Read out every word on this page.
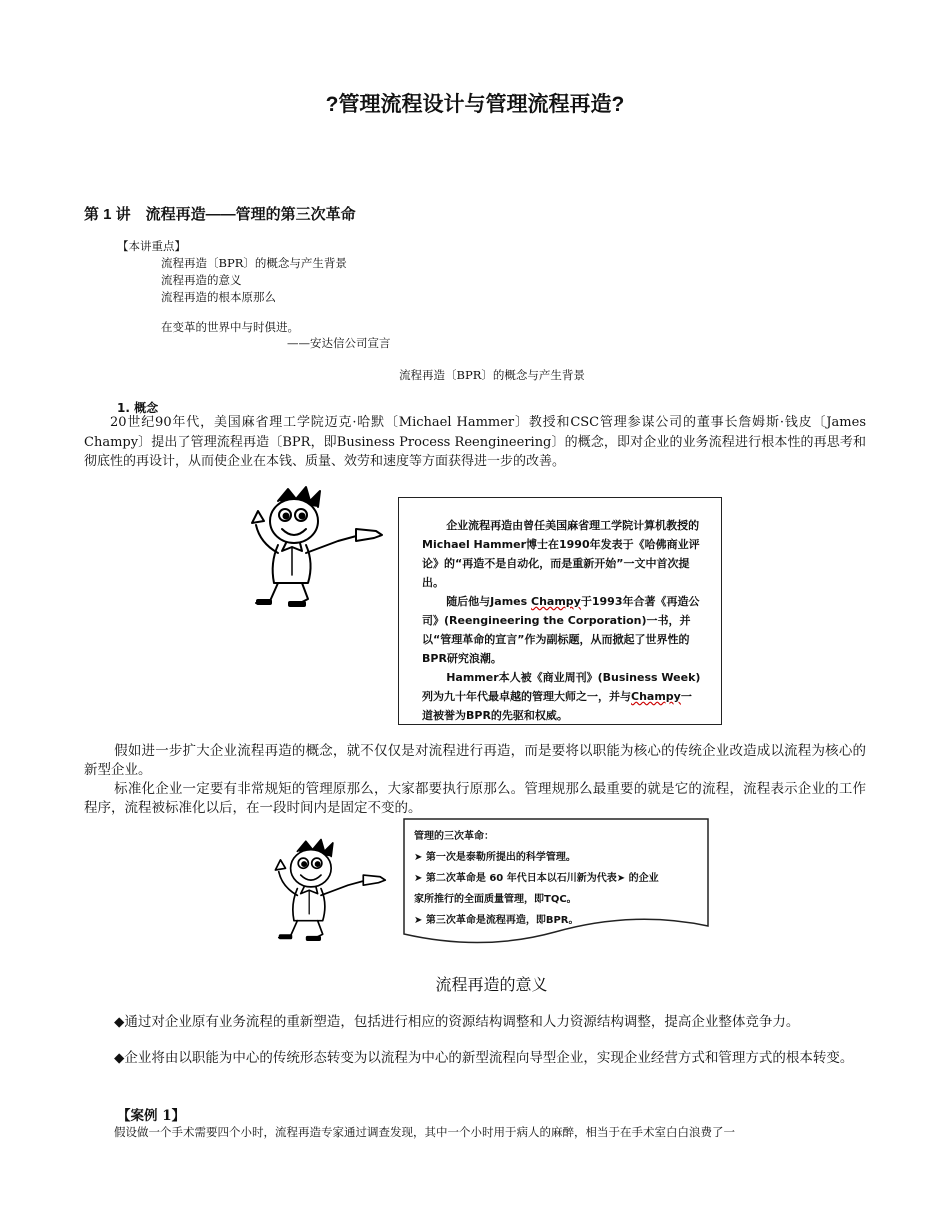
?管理流程设计与管理流程再造?
第 1 讲　流程再造——管理的第三次革命
【本讲重点】
流程再造〔BPR〕的概念与产生背景
流程再造的意义
流程再造的根本原那么
在变革的世界中与时俱进。
——安达信公司宣言
流程再造〔BPR〕的概念与产生背景
1. 概念
20世纪90年代，美国麻省理工学院迈克·哈默〔Michael Hammer〕教授和CSC管理参谋公司的董事长詹姆斯·钱皮〔James Champy〕提出了管理流程再造〔BPR，即Business Process Reengineering〕的概念，即对企业的业务流程进行根本性的再思考和彻底性的再设计，从而使企业在本钱、质量、效劳和速度等方面获得进一步的改善。

企业流程再造由曾任美国麻省理工学院计算机教授的Michael Hammer博士在1990年发表于《哈佛商业评论》的“再造不是自动化，而是重新开始”一文中首次提出。

随后他与James Champy于1993年合著《再造公司》(Reengineering the Corporation)一书，并以“管理革命的宣言”作为副标题，从而掀起了世界性的BPR研究浪潮。

Hammer本人被《商业周刊》(Business Week)列为九十年代最卓越的管理大师之一，并与Champy一道被誉为BPR的先驱和权威。

假如进一步扩大企业流程再造的概念，就不仅仅是对流程进行再造，而是要将以职能为核心的传统企业改造成以流程为核心的新型企业。
标准化企业一定要有非常规矩的管理原那么，大家都要执行原那么。管理规那么最重要的就是它的流程，流程表示企业的工作程序，流程被标准化以后，在一段时间内是固定不变的。
管理的三次革命：
➤ 第一次是泰勒所提出的科学管理。
➤ 第二次革命是 60 年代日本以石川新为代表➤ 的企业
家所推行的全面质量管理，即TQC。
➤ 第三次革命是流程再造，即BPR。
流程再造的意义
◆通过对企业原有业务流程的重新塑造，包括进行相应的资源结构调整和人力资源结构调整，提高企业整体竞争力。
◆企业将由以职能为中心的传统形态转变为以流程为中心的新型流程向导型企业，实现企业经营方式和管理方式的根本转变。
【案例 1】
假设做一个手术需要四个小时，流程再造专家通过调查发现，其中一个小时用于病人的麻醉，相当于在手术室白白浪费了一
